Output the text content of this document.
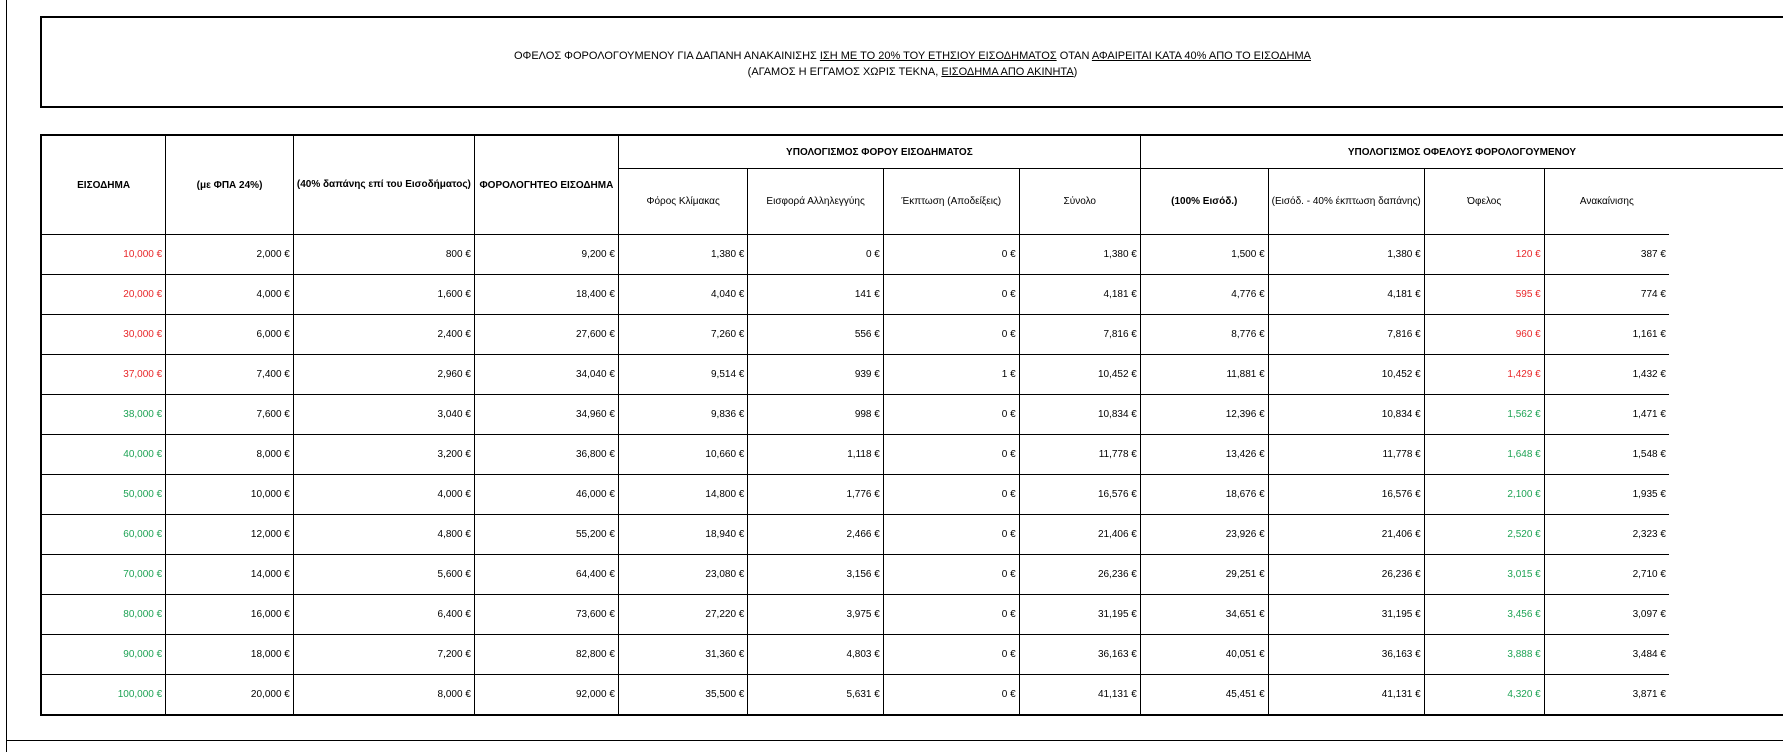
ΟΦΕΛΟΣ ΦΟΡΟΛΟΓΟΥΜΕΝΟΥ ΓΙΑ ΔΑΠΑΝΗ ΑΝΑΚΑΙΝΙΣΗΣ ΙΣΗ ΜΕ ΤΟ 20% ΤΟΥ ΕΤΗΣΙΟΥ ΕΙΣΟΔΗΜΑΤΟΣ ΟΤΑΝ ΑΦΑΙΡΕΙΤΑΙ ΚΑΤΑ 40% ΑΠΟ ΤΟ ΕΙΣΟΔΗΜΑ
(ΑΓΑΜΟΣ Η ΕΓΓΑΜΟΣ ΧΩΡΙΣ ΤΕΚΝΑ, ΕΙΣΟΔΗΜΑ ΑΠΟ ΑΚΙΝΗΤΑ)
ΕΙΣΟΔΗΜΑ	(με ΦΠΑ 24%)	(40% δαπάνης επί του Εισοδήματος)	ΦΟΡΟΛΟΓΗΤΕΟ ΕΙΣΟΔΗΜΑ	ΥΠΟΛΟΓΙΣΜΟΣ ΦΟΡΟΥ ΕΙΣΟΔΗΜΑΤΟΣ				ΥΠΟΛΟΓΙΣΜΟΣ ΟΦΕΛΟΥΣ ΦΟΡΟΛΟΓΟΥΜΕΝΟΥ			
				Φόρος Κλίμακας	Εισφορά Αλληλεγγύης	Έκπτωση (Αποδείξεις)	Σύνολο	(100% Εισόδ.)	(Εισόδ. - 40% έκπτωση δαπάνης)	Όφελος	Ανακαίνισης
10,000 €	2,000 €	800 €	9,200 €	1,380 €	0 €	0 €	1,380 €	1,500 €	1,380 €	120 €	387 €
20,000 €	4,000 €	1,600 €	18,400 €	4,040 €	141 €	0 €	4,181 €	4,776 €	4,181 €	595 €	774 €
30,000 €	6,000 €	2,400 €	27,600 €	7,260 €	556 €	0 €	7,816 €	8,776 €	7,816 €	960 €	1,161 €
37,000 €	7,400 €	2,960 €	34,040 €	9,514 €	939 €	1 €	10,452 €	11,881 €	10,452 €	1,429 €	1,432 €
38,000 €	7,600 €	3,040 €	34,960 €	9,836 €	998 €	0 €	10,834 €	12,396 €	10,834 €	1,562 €	1,471 €
40,000 €	8,000 €	3,200 €	36,800 €	10,660 €	1,118 €	0 €	11,778 €	13,426 €	11,778 €	1,648 €	1,548 €
50,000 €	10,000 €	4,000 €	46,000 €	14,800 €	1,776 €	0 €	16,576 €	18,676 €	16,576 €	2,100 €	1,935 €
60,000 €	12,000 €	4,800 €	55,200 €	18,940 €	2,466 €	0 €	21,406 €	23,926 €	21,406 €	2,520 €	2,323 €
70,000 €	14,000 €	5,600 €	64,400 €	23,080 €	3,156 €	0 €	26,236 €	29,251 €	26,236 €	3,015 €	2,710 €
80,000 €	16,000 €	6,400 €	73,600 €	27,220 €	3,975 €	0 €	31,195 €	34,651 €	31,195 €	3,456 €	3,097 €
90,000 €	18,000 €	7,200 €	82,800 €	31,360 €	4,803 €	0 €	36,163 €	40,051 €	36,163 €	3,888 €	3,484 €
100,000 €	20,000 €	8,000 €	92,000 €	35,500 €	5,631 €	0 €	41,131 €	45,451 €	41,131 €	4,320 €	3,871 €
